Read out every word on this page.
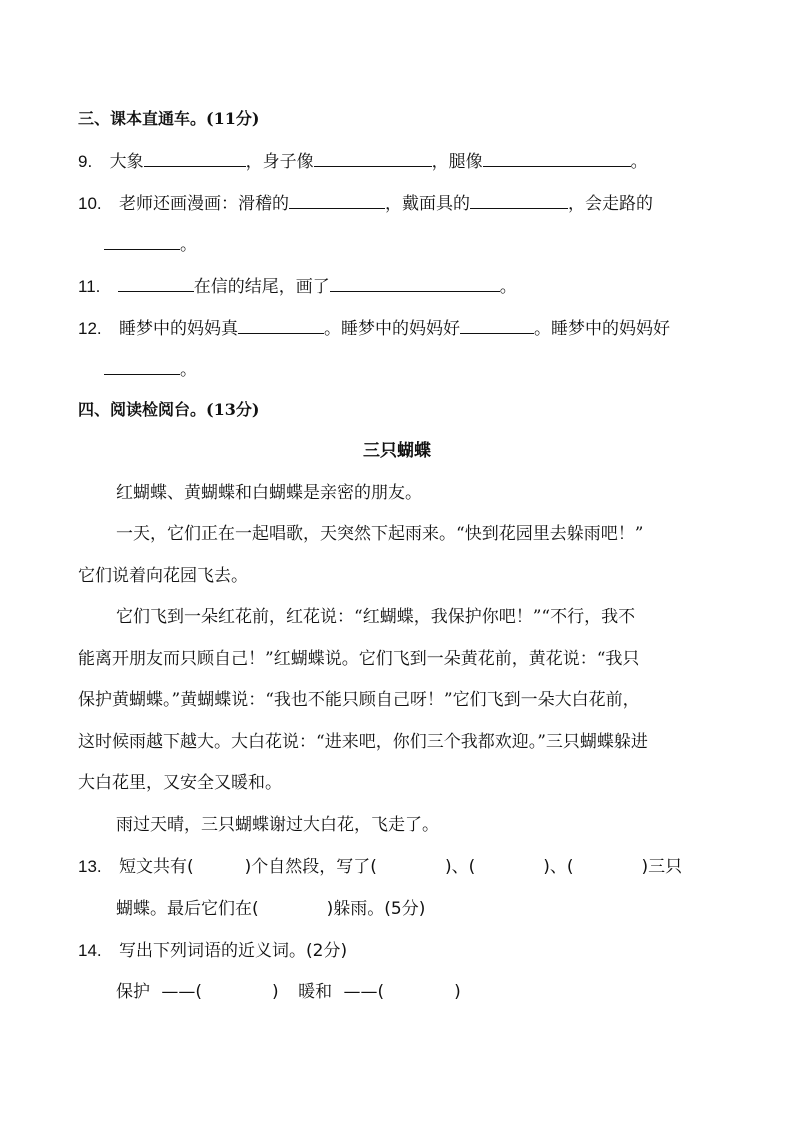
三、课本直通车。(11分)
9. 大象	，身子像	，腿像	。
10. 老师还画漫画：滑稽的	，戴面具的	，会走路的
。
11.	在信的结尾，画了	。
12. 睡梦中的妈妈真	。睡梦中的妈妈好	。睡梦中的妈妈好
。
四、阅读检阅台。(13分)
三只蝴蝶
红蝴蝶、黄蝴蝶和白蝴蝶是亲密的朋友。
一天，它们正在一起唱歌，天突然下起雨来。“快到花园里去躲雨吧！”
它们说着向花园飞去。
它们飞到一朵红花前，红花说：“红蝴蝶，我保护你吧！”“不行，我不
能离开朋友而只顾自己！”红蝴蝶说。它们飞到一朵黄花前，黄花说：“我只
保护黄蝴蝶。”黄蝴蝶说：“我也不能只顾自己呀！”它们飞到一朵大白花前，
这时候雨越下越大。大白花说：“进来吧，你们三个我都欢迎。”三只蝴蝶躲进
大白花里，又安全又暖和。
雨过天晴，三只蝴蝶谢过大白花，飞走了。
13. 短文共有(　　　)个自然段，写了(　　　　)、(　　　　)、(　　　　)三只
蝴蝶。最后它们在(　　　　)躲雨。(5分)
14. 写出下列词语的近义词。(2分)
保护 ——(	) 暖和 ——(	)
